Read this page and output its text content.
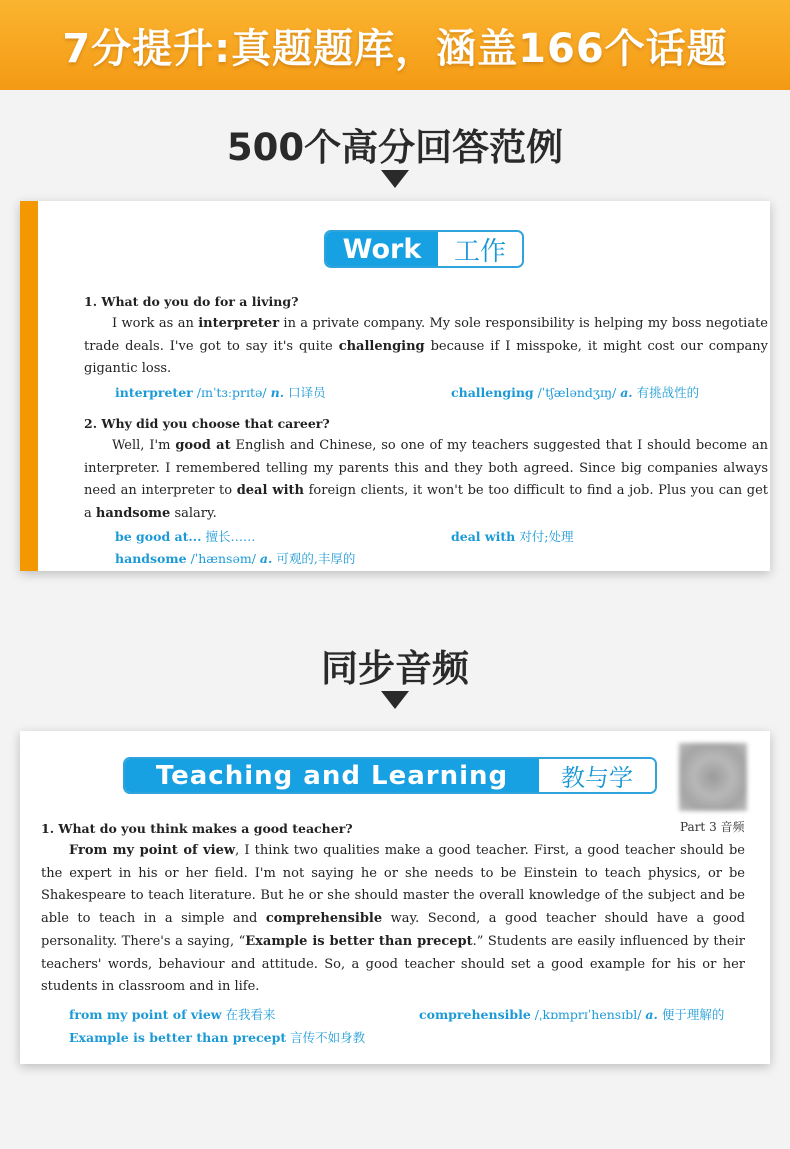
7分提升:真题题库，涵盖166个话题
500个高分回答范例
Work	工作
1. What do you do for a living?
I work as an interpreter in a private company. My sole responsibility is helping my boss negotiate trade deals. I've got to say it's quite challenging because if I misspoke, it might cost our company gigantic loss.
interpreter /ɪnˈtɜːprɪtə/ n. 口译员	challenging /ˈtʃæləndʒɪŋ/ a. 有挑战性的
2. Why did you choose that career?
Well, I'm good at English and Chinese, so one of my teachers suggested that I should become an interpreter. I remembered telling my parents this and they both agreed. Since big companies always need an interpreter to deal with foreign clients, it won't be too difficult to find a job. Plus you can get a handsome salary.
be good at... 擅长……	deal with 对付;处理
handsome /ˈhænsəm/ a. 可观的,丰厚的
同步音频
Teaching and Learning	教与学
Part 3 音频
1. What do you think makes a good teacher?
From my point of view, I think two qualities make a good teacher. First, a good teacher should be the expert in his or her field. I'm not saying he or she needs to be Einstein to teach physics, or be Shakespeare to teach literature. But he or she should master the overall knowledge of the subject and be able to teach in a simple and comprehensible way. Second, a good teacher should have a good personality. There's a saying, “Example is better than precept.” Students are easily influenced by their teachers' words, behaviour and attitude. So, a good teacher should set a good example for his or her students in classroom and in life.
from my point of view 在我看来	comprehensible /ˌkɒmprɪˈhensɪbl/ a. 便于理解的
Example is better than precept 言传不如身教
